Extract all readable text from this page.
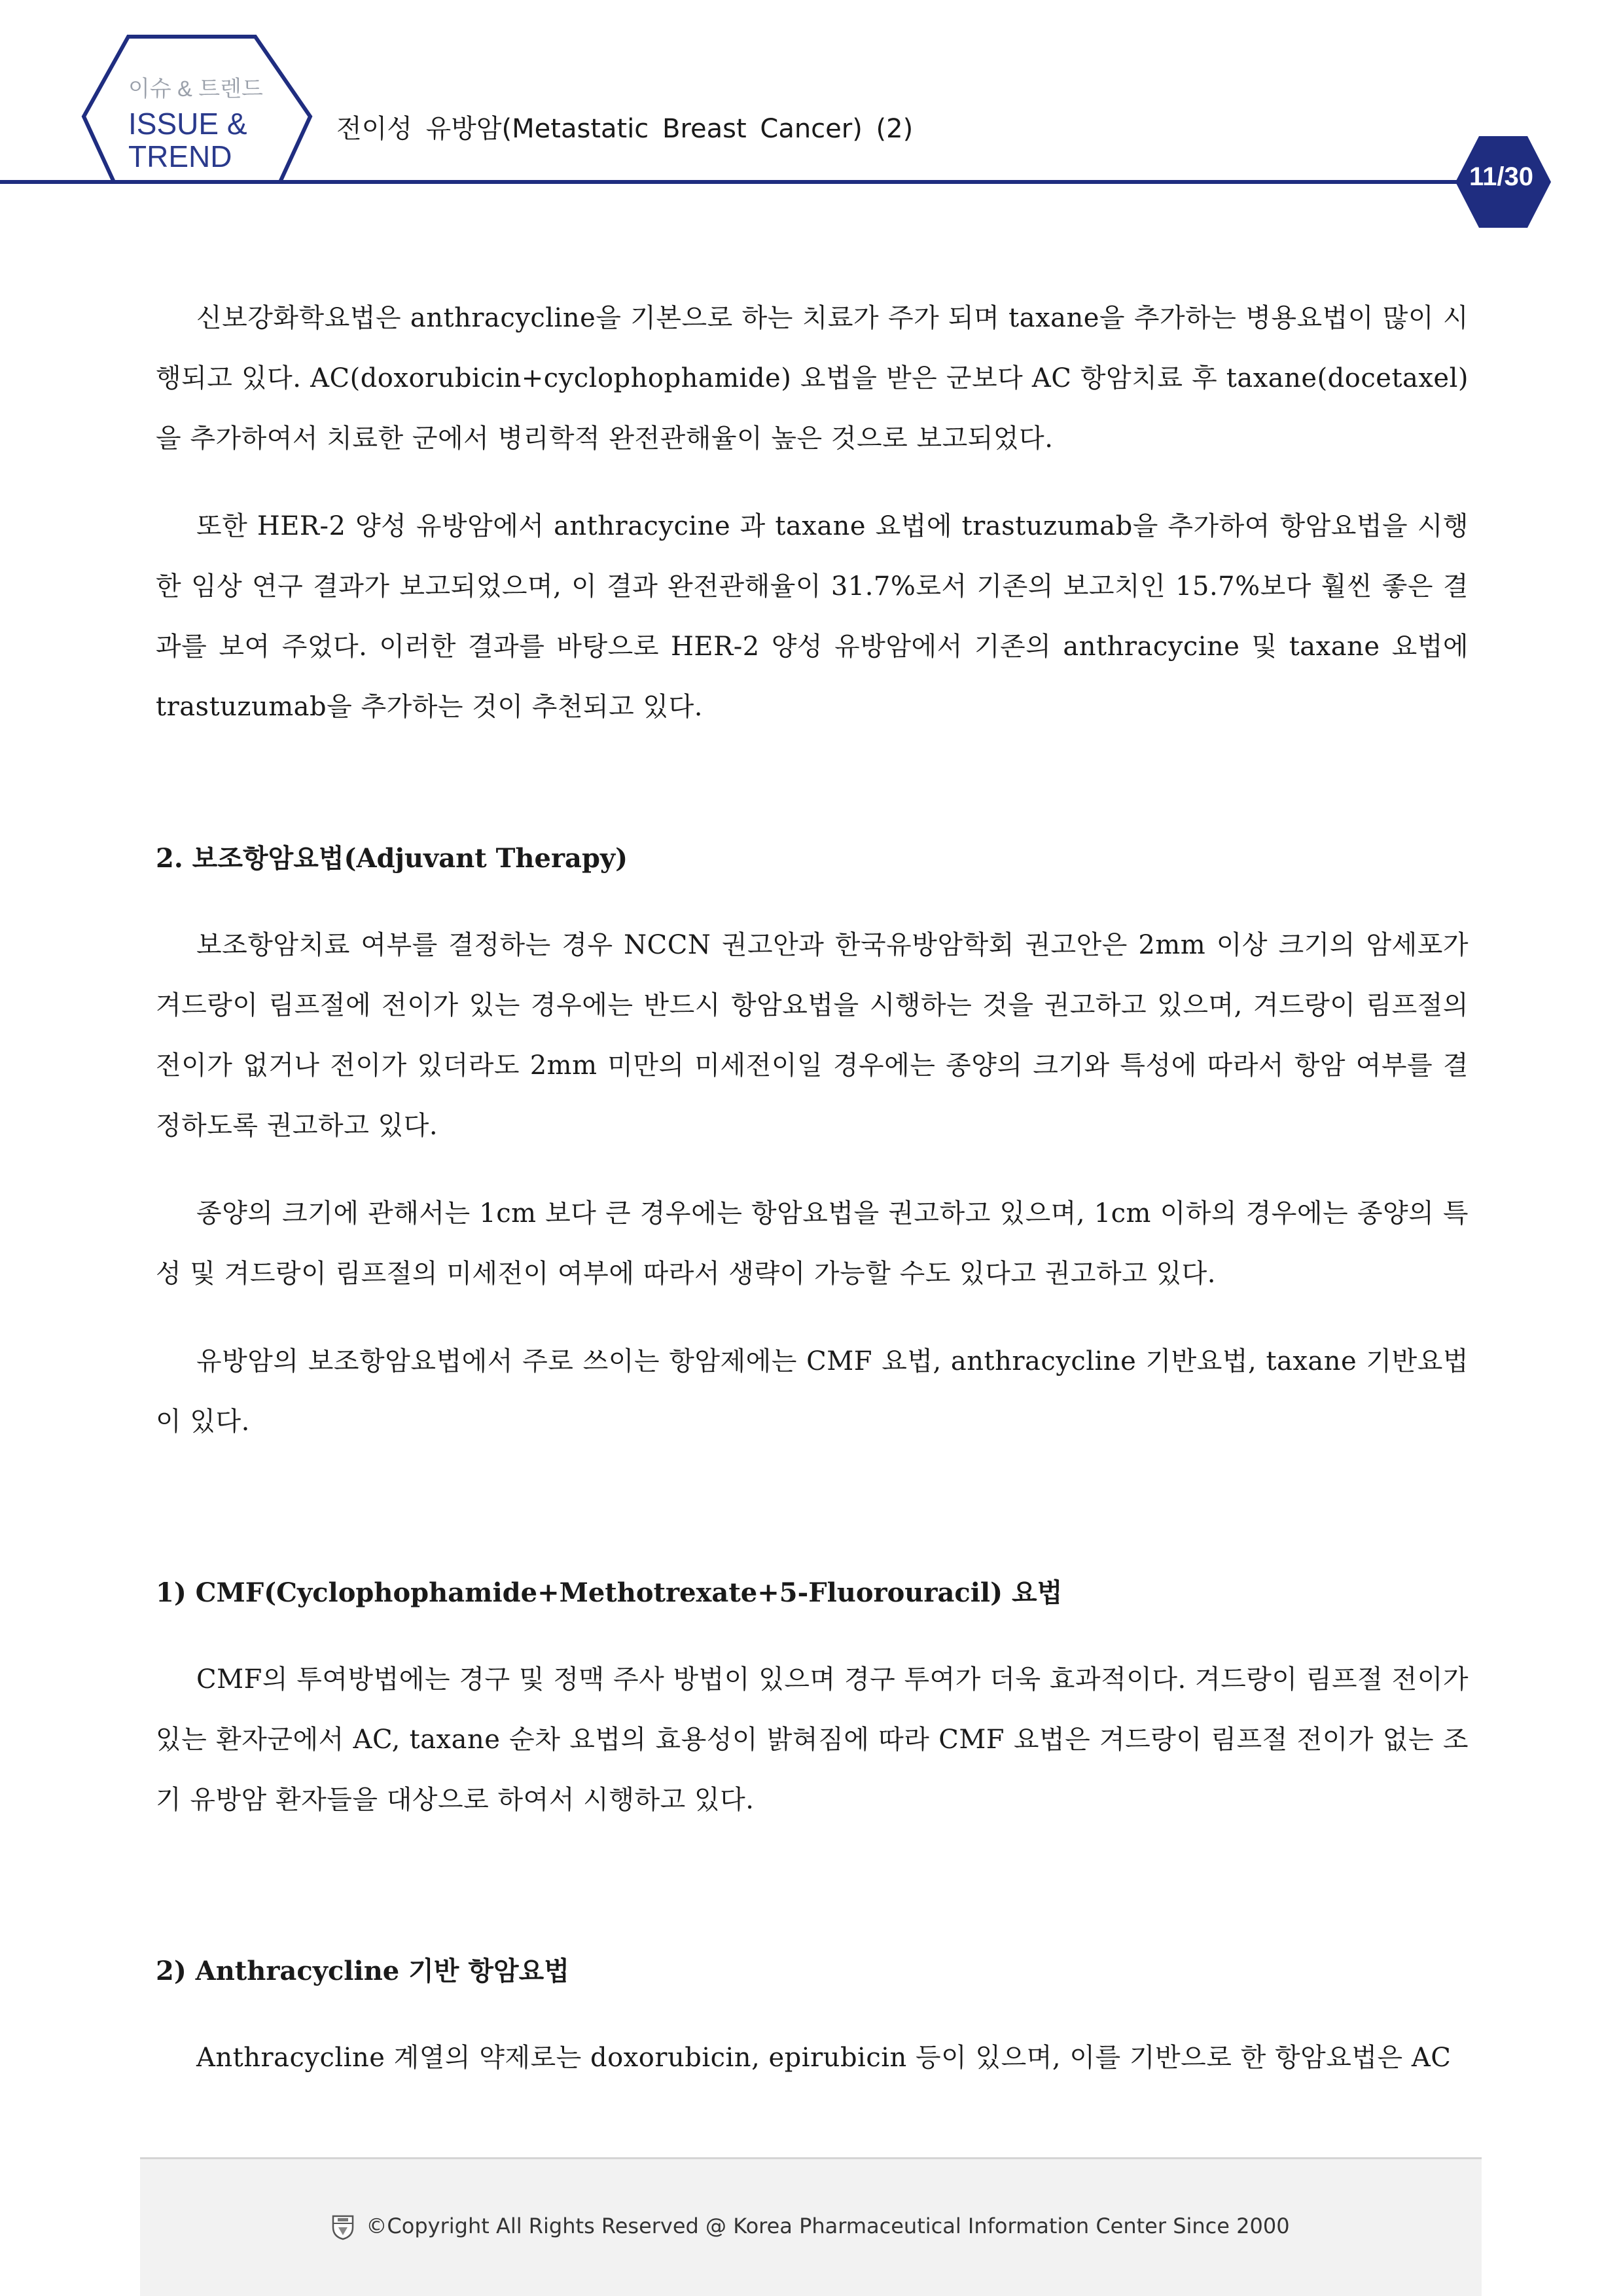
이슈 & 트렌드
ISSUE &
TREND
전이성 유방암(Metastatic Breast Cancer) (2)
11/30

신보강화학요법은 anthracycline을 기본으로 하는 치료가 주가 되며 taxane을 추가하는 병용요법이 많이 시행되고 있다. AC(doxorubicin+cyclophophamide) 요법을 받은 군보다 AC 항암치료 후 taxane(docetaxel)을 추가하여서 치료한 군에서 병리학적 완전관해율이 높은 것으로 보고되었다.

또한 HER-2 양성 유방암에서 anthracycine 과 taxane 요법에 trastuzumab을 추가하여 항암요법을 시행한 임상 연구 결과가 보고되었으며, 이 결과 완전관해율이 31.7%로서 기존의 보고치인 15.7%보다 훨씬 좋은 결과를 보여 주었다. 이러한 결과를 바탕으로 HER-2 양성 유방암에서 기존의 anthracycine 및 taxane 요법에 trastuzumab을 추가하는 것이 추천되고 있다.

2. 보조항암요법(Adjuvant Therapy)

보조항암치료 여부를 결정하는 경우 NCCN 권고안과 한국유방암학회 권고안은 2mm 이상 크기의 암세포가 겨드랑이 림프절에 전이가 있는 경우에는 반드시 항암요법을 시행하는 것을 권고하고 있으며, 겨드랑이 림프절의 전이가 없거나 전이가 있더라도 2mm 미만의 미세전이일 경우에는 종양의 크기와 특성에 따라서 항암 여부를 결정하도록 권고하고 있다.

종양의 크기에 관해서는 1cm 보다 큰 경우에는 항암요법을 권고하고 있으며, 1cm 이하의 경우에는 종양의 특성 및 겨드랑이 림프절의 미세전이 여부에 따라서 생략이 가능할 수도 있다고 권고하고 있다.

유방암의 보조항암요법에서 주로 쓰이는 항암제에는 CMF 요법, anthracycline 기반요법, taxane 기반요법이 있다.

1) CMF(Cyclophophamide+Methotrexate+5-Fluorouracil) 요법

CMF의 투여방법에는 경구 및 정맥 주사 방법이 있으며 경구 투여가 더욱 효과적이다. 겨드랑이 림프절 전이가 있는 환자군에서 AC, taxane 순차 요법의 효용성이 밝혀짐에 따라 CMF 요법은 겨드랑이 림프절 전이가 없는 조기 유방암 환자들을 대상으로 하여서 시행하고 있다.

2) Anthracycline 기반 항암요법

Anthracycline 계열의 약제로는 doxorubicin, epirubicin 등이 있으며, 이를 기반으로 한 항암요법은 AC

©Copyright All Rights Reserved @ Korea Pharmaceutical Information Center Since 2000
